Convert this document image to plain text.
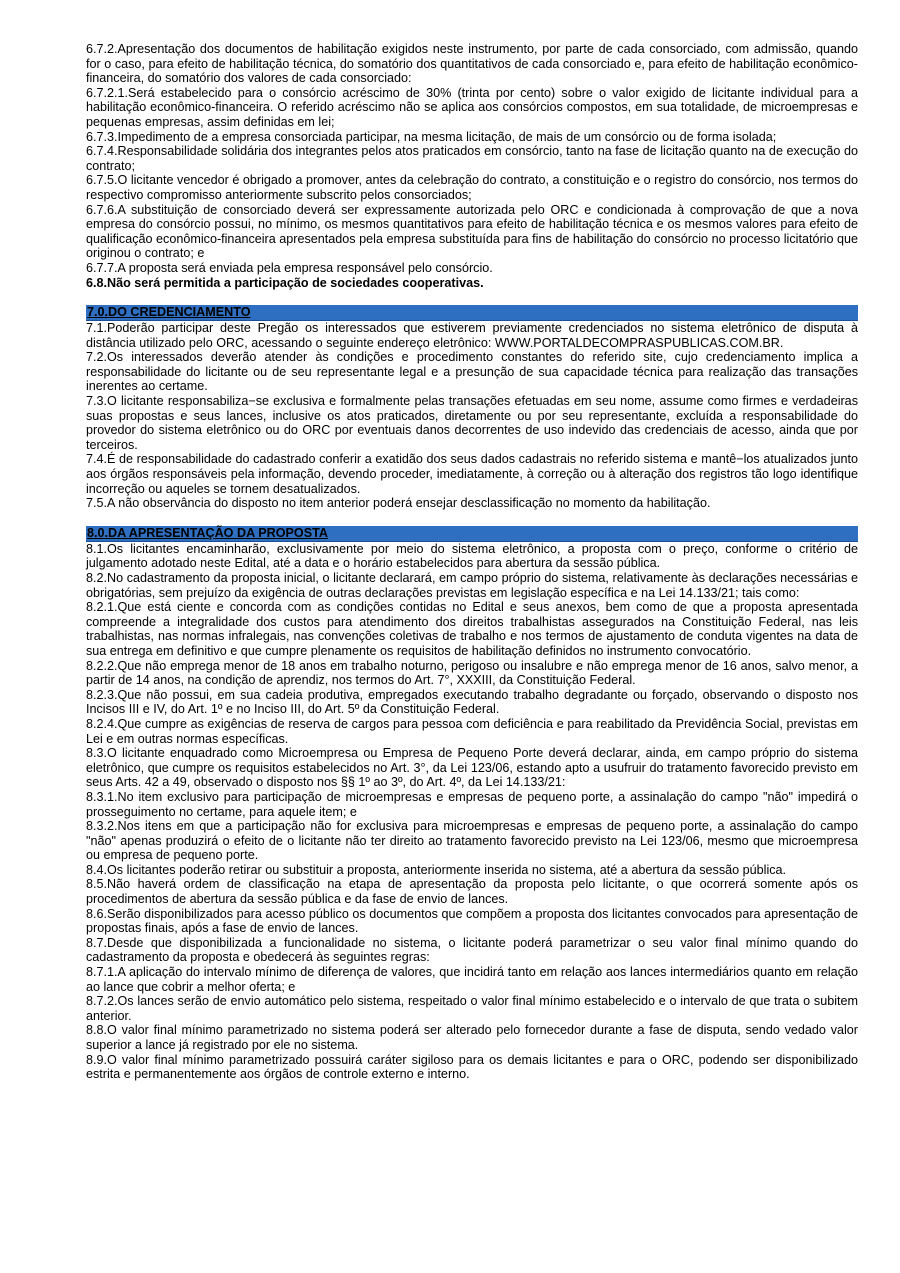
6.7.2.Apresentação dos documentos de habilitação exigidos neste instrumento, por parte de cada consorciado, com admissão, quando for o caso, para efeito de habilitação técnica, do somatório dos quantitativos de cada consorciado e, para efeito de habilitação econômico-financeira, do somatório dos valores de cada consorciado:

6.7.2.1.Será estabelecido para o consórcio acréscimo de 30% (trinta por cento) sobre o valor exigido de licitante individual para a habilitação econômico-financeira. O referido acréscimo não se aplica aos consórcios compostos, em sua totalidade, de microempresas e pequenas empresas, assim definidas em lei;

6.7.3.Impedimento de a empresa consorciada participar, na mesma licitação, de mais de um consórcio ou de forma isolada;

6.7.4.Responsabilidade solidária dos integrantes pelos atos praticados em consórcio, tanto na fase de licitação quanto na de execução do contrato;

6.7.5.O licitante vencedor é obrigado a promover, antes da celebração do contrato, a constituição e o registro do consórcio, nos termos do respectivo compromisso anteriormente subscrito pelos consorciados;

6.7.6.A substituição de consorciado deverá ser expressamente autorizada pelo ORC e condicionada à comprovação de que a nova empresa do consórcio possui, no mínimo, os mesmos quantitativos para efeito de habilitação técnica e os mesmos valores para efeito de qualificação econômico-financeira apresentados pela empresa substituída para fins de habilitação do consórcio no processo licitatório que originou o contrato; e

6.7.7.A proposta será enviada pela empresa responsável pelo consórcio.

6.8.Não será permitida a participação de sociedades cooperativas.

7.0.DO CREDENCIAMENTO

7.1.Poderão participar deste Pregão os interessados que estiverem previamente credenciados no sistema eletrônico de disputa à distância utilizado pelo ORC, acessando o seguinte endereço eletrônico: WWW.PORTALDECOMPRASPUBLICAS.COM.BR.

7.2.Os interessados deverão atender às condições e procedimento constantes do referido site, cujo credenciamento implica a responsabilidade do licitante ou de seu representante legal e a presunção de sua capacidade técnica para realização das transações inerentes ao certame.

7.3.O licitante responsabiliza−se exclusiva e formalmente pelas transações efetuadas em seu nome, assume como firmes e verdadeiras suas propostas e seus lances, inclusive os atos praticados, diretamente ou por seu representante, excluída a responsabilidade do provedor do sistema eletrônico ou do ORC por eventuais danos decorrentes de uso indevido das credenciais de acesso, ainda que por terceiros.

7.4.É de responsabilidade do cadastrado conferir a exatidão dos seus dados cadastrais no referido sistema e mantê−los atualizados junto aos órgãos responsáveis pela informação, devendo proceder, imediatamente, à correção ou à alteração dos registros tão logo identifique incorreção ou aqueles se tornem desatualizados.

7.5.A não observância do disposto no item anterior poderá ensejar desclassificação no momento da habilitação.

8.0.DA APRESENTAÇÃO DA PROPOSTA

8.1.Os licitantes encaminharão, exclusivamente por meio do sistema eletrônico, a proposta com o preço, conforme o critério de julgamento adotado neste Edital, até a data e o horário estabelecidos para abertura da sessão pública.

8.2.No cadastramento da proposta inicial, o licitante declarará, em campo próprio do sistema, relativamente às declarações necessárias e obrigatórias, sem prejuízo da exigência de outras declarações previstas em legislação específica e na Lei 14.133/21; tais como:

8.2.1.Que está ciente e concorda com as condições contidas no Edital e seus anexos, bem como de que a proposta apresentada compreende a integralidade dos custos para atendimento dos direitos trabalhistas assegurados na Constituição Federal, nas leis trabalhistas, nas normas infralegais, nas convenções coletivas de trabalho e nos termos de ajustamento de conduta vigentes na data de sua entrega em definitivo e que cumpre plenamente os requisitos de habilitação definidos no instrumento convocatório.

8.2.2.Que não emprega menor de 18 anos em trabalho noturno, perigoso ou insalubre e não emprega menor de 16 anos, salvo menor, a partir de 14 anos, na condição de aprendiz, nos termos do Art. 7°, XXXIII, da Constituição Federal.

8.2.3.Que não possui, em sua cadeia produtiva, empregados executando trabalho degradante ou forçado, observando o disposto nos Incisos III e IV, do Art. 1º e no Inciso III, do Art. 5º da Constituição Federal.

8.2.4.Que cumpre as exigências de reserva de cargos para pessoa com deficiência e para reabilitado da Previdência Social, previstas em Lei e em outras normas específicas.

8.3.O licitante enquadrado como Microempresa ou Empresa de Pequeno Porte deverá declarar, ainda, em campo próprio do sistema eletrônico, que cumpre os requisitos estabelecidos no Art. 3°, da Lei 123/06, estando apto a usufruir do tratamento favorecido previsto em seus Arts. 42 a 49, observado o disposto nos §§ 1º ao 3º, do Art. 4º, da Lei 14.133/21:

8.3.1.No item exclusivo para participação de microempresas e empresas de pequeno porte, a assinalação do campo "não" impedirá o prosseguimento no certame, para aquele item; e

8.3.2.Nos itens em que a participação não for exclusiva para microempresas e empresas de pequeno porte, a assinalação do campo "não" apenas produzirá o efeito de o licitante não ter direito ao tratamento favorecido previsto na Lei 123/06, mesmo que microempresa ou empresa de pequeno porte.

8.4.Os licitantes poderão retirar ou substituir a proposta, anteriormente inserida no sistema, até a abertura da sessão pública.

8.5.Não haverá ordem de classificação na etapa de apresentação da proposta pelo licitante, o que ocorrerá somente após os procedimentos de abertura da sessão pública e da fase de envio de lances.

8.6.Serão disponibilizados para acesso público os documentos que compõem a proposta dos licitantes convocados para apresentação de propostas finais, após a fase de envio de lances.

8.7.Desde que disponibilizada a funcionalidade no sistema, o licitante poderá parametrizar o seu valor final mínimo quando do cadastramento da proposta e obedecerá às seguintes regras:

8.7.1.A aplicação do intervalo mínimo de diferença de valores, que incidirá tanto em relação aos lances intermediários quanto em relação ao lance que cobrir a melhor oferta; e

8.7.2.Os lances serão de envio automático pelo sistema, respeitado o valor final mínimo estabelecido e o intervalo de que trata o subitem anterior.

8.8.O valor final mínimo parametrizado no sistema poderá ser alterado pelo fornecedor durante a fase de disputa, sendo vedado valor superior a lance já registrado por ele no sistema.

8.9.O valor final mínimo parametrizado possuirá caráter sigiloso para os demais licitantes e para o ORC, podendo ser disponibilizado estrita e permanentemente aos órgãos de controle externo e interno.
